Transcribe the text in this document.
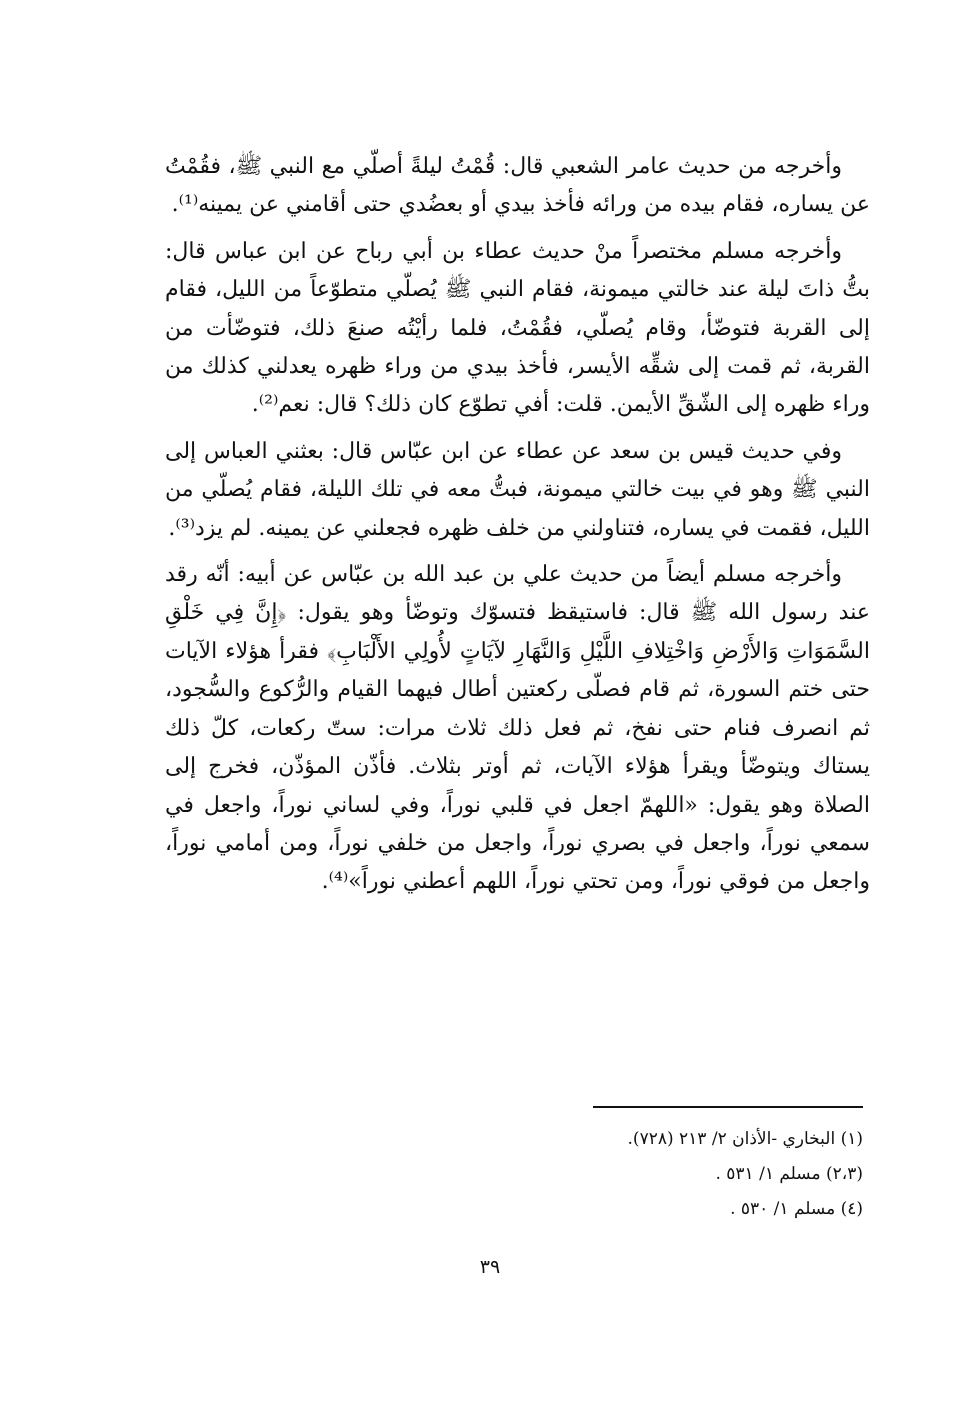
وأخرجه من حديث عامر الشعبي قال: قُمْتُ ليلةً أصلّي مع النبي ﷺ، فقُمْتُ عن يساره، فقام بيده من ورائه فأخذ بيدي أو بعضُدي حتى أقامني عن يمينه⁽¹⁾.

وأخرجه مسلم مختصراً منْ حديث عطاء بن أبي رباح عن ابن عباس قال: بتُّ ذاتَ ليلة عند خالتي ميمونة، فقام النبي ﷺ يُصلّي متطوّعاً من الليل، فقام إلى القربة فتوضّأ، وقام يُصلّي، فقُمْتُ، فلما رأيْتُه صنعَ ذلك، فتوضّأت من القربة، ثم قمت إلى شقِّه الأيسر، فأخذ بيدي من وراء ظهره يعدلني كذلك من وراء ظهره إلى الشّقِّ الأيمن. قلت: أفي تطوّع كان ذلك؟ قال: نعم⁽²⁾.

وفي حديث قيس بن سعد عن عطاء عن ابن عبّاس قال: بعثني العباس إلى النبي ﷺ وهو في بيت خالتي ميمونة، فبتُّ معه في تلك الليلة، فقام يُصلّي من الليل، فقمت في يساره، فتناولني من خلف ظهره فجعلني عن يمينه. لم يزد⁽³⁾.

وأخرجه مسلم أيضاً من حديث علي بن عبد الله بن عبّاس عن أبيه: أنّه رقد عند رسول الله ﷺ قال: فاستيقظ فتسوّك وتوضّأ وهو يقول: ﴿إِنَّ فِي خَلْقِ السَّمَوَاتِ وَالأَرْضِ وَاخْتِلافِ اللَّيْلِ وَالنَّهَارِ لآيَاتٍ لأُولِي الأَلْبَابِ﴾ فقرأ هؤلاء الآيات حتى ختم السورة، ثم قام فصلّى ركعتين أطال فيهما القيام والرُّكوع والسُّجود، ثم انصرف فنام حتى نفخ، ثم فعل ذلك ثلاث مرات: ستّ ركعات، كلّ ذلك يستاك ويتوضّأ ويقرأ هؤلاء الآيات، ثم أوتر بثلاث. فأذّن المؤذّن، فخرج إلى الصلاة وهو يقول: «اللهمّ اجعل في قلبي نوراً، وفي لساني نوراً، واجعل في سمعي نوراً، واجعل في بصري نوراً، واجعل من خلفي نوراً، ومن أمامي نوراً، واجعل من فوقي نوراً، ومن تحتي نوراً، اللهم أعطني نوراً»⁽⁴⁾.

(١) البخاري -الأذان ٢/ ٢١٣ (٧٢٨).

(٢،٣) مسلم ١/ ٥٣١ .

(٤) مسلم ١/ ٥٣٠ .

٣٩
